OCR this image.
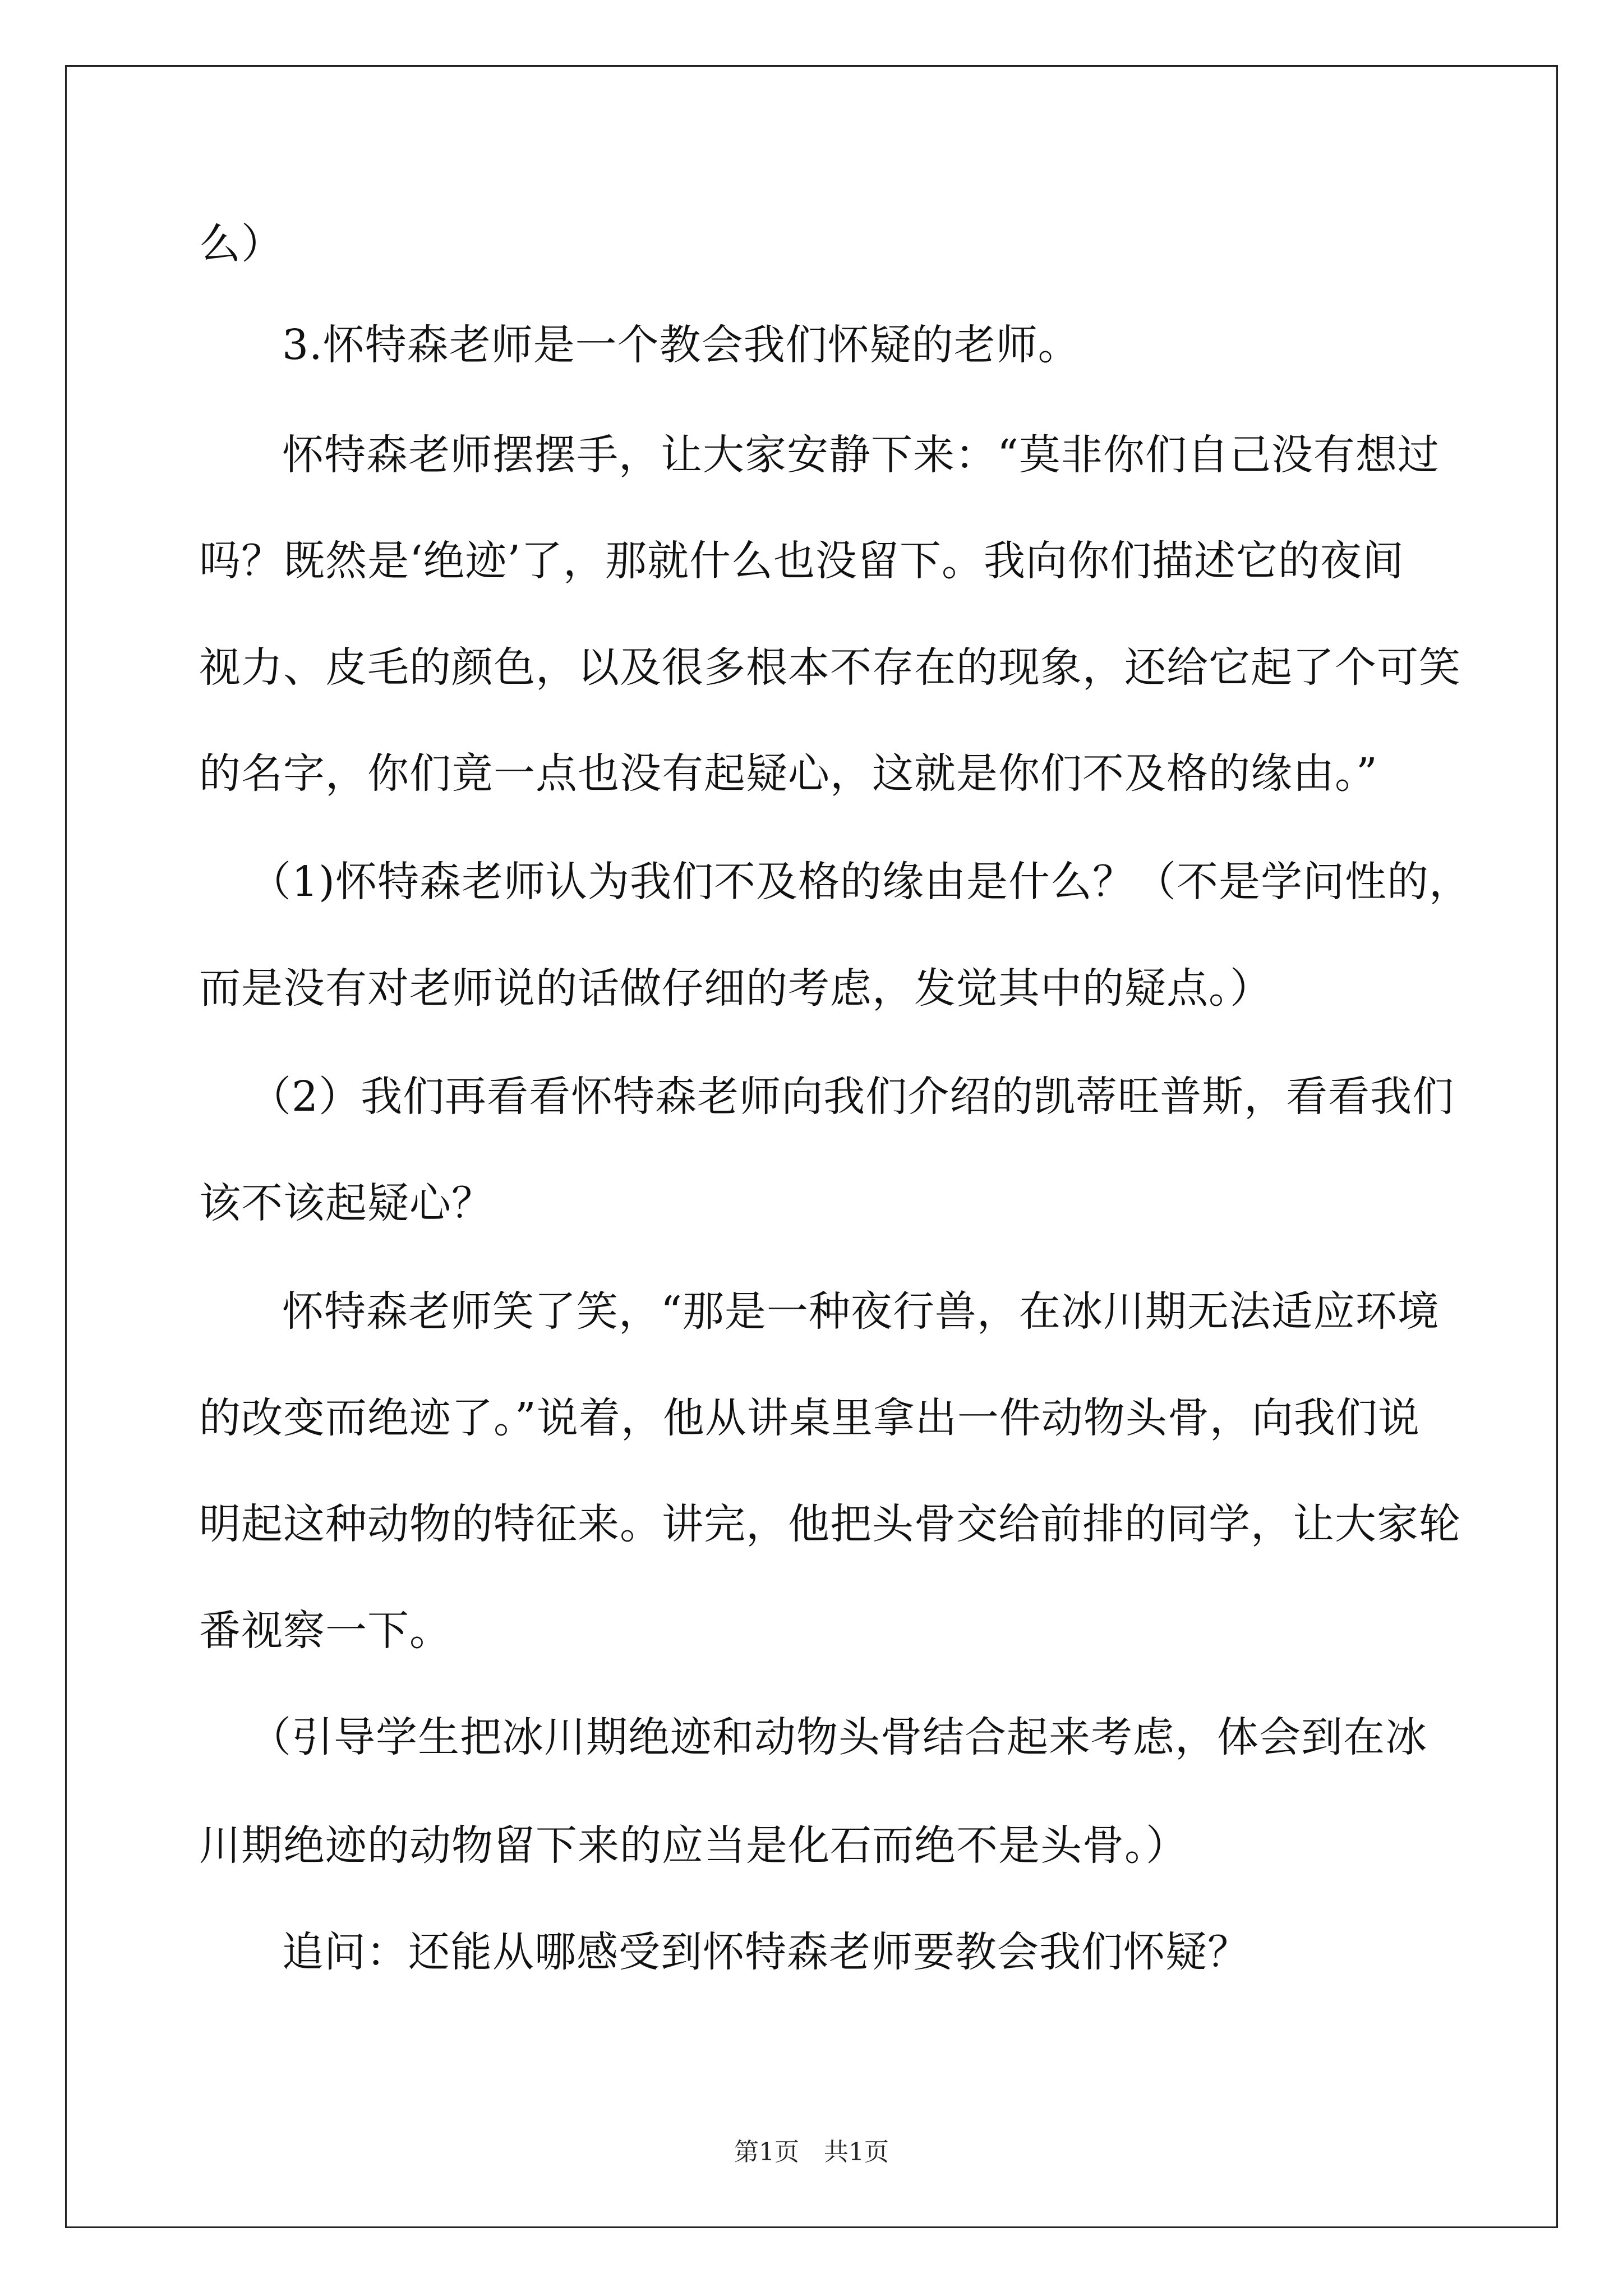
么）
3.怀特森老师是一个教会我们怀疑的老师。
怀特森老师摆摆手，让大家安静下来：“莫非你们自己没有想过
吗？既然是‘绝迹’了，那就什么也没留下。我向你们描述它的夜间
视力、皮毛的颜色，以及很多根本不存在的现象，还给它起了个可笑
的名字，你们竟一点也没有起疑心，这就是你们不及格的缘由。”
（1)怀特森老师认为我们不及格的缘由是什么？（不是学问性的，
而是没有对老师说的话做仔细的考虑，发觉其中的疑点。）
（2）我们再看看怀特森老师向我们介绍的凯蒂旺普斯，看看我们
该不该起疑心？
怀特森老师笑了笑，“那是一种夜行兽，在冰川期无法适应环境
的改变而绝迹了。”说着，他从讲桌里拿出一件动物头骨，向我们说
明起这种动物的特征来。讲完，他把头骨交给前排的同学，让大家轮
番视察一下。
（引导学生把冰川期绝迹和动物头骨结合起来考虑，体会到在冰
川期绝迹的动物留下来的应当是化石而绝不是头骨。）
追问：还能从哪感受到怀特森老师要教会我们怀疑？
第1页　共1页
